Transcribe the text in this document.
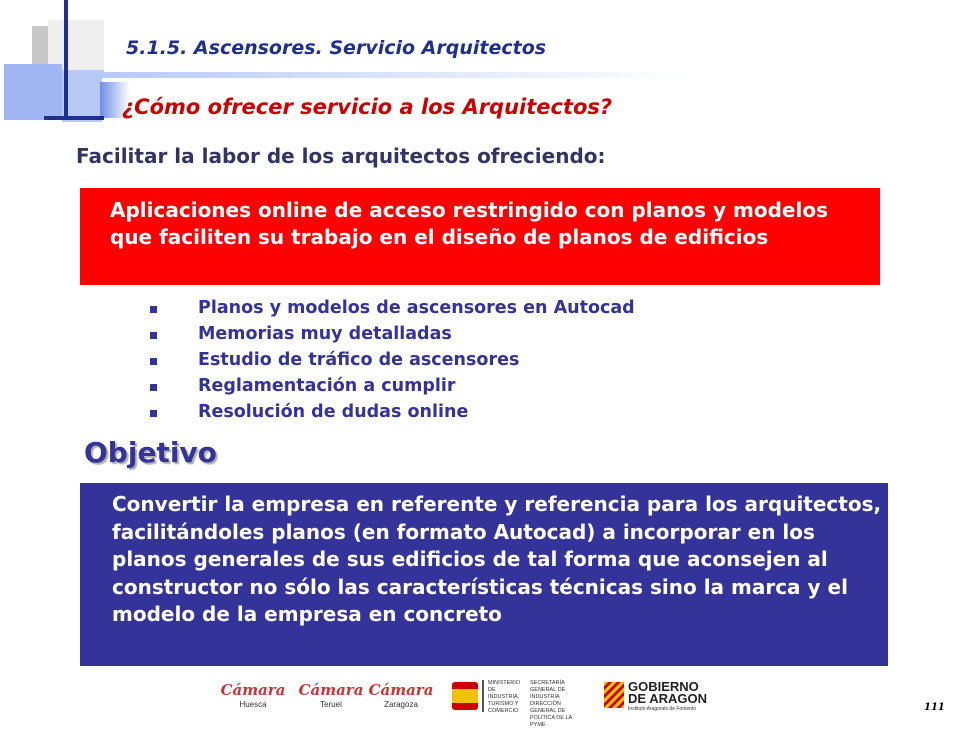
5.1.5. Ascensores. Servicio Arquitectos
¿Cómo ofrecer servicio a los Arquitectos?
Facilitar la labor de los arquitectos ofreciendo:
Aplicaciones online de acceso restringido con planos y modelos que faciliten su trabajo en el diseño de planos de edificios
Planos y modelos de ascensores en Autocad
Memorias muy detalladas
Estudio de tráfico de ascensores
Reglamentación a cumplir
Resolución de dudas online
Objetivo
Convertir la empresa en referente y referencia para los arquitectos, facilitándoles planos (en formato Autocad) a incorporar en los planos generales de sus edificios de tal forma que aconsejen al constructor no sólo las características técnicas sino la marca y el modelo de la empresa en concreto
Cámara
Huesca
Cámara
Teruel
Cámara
Zaragoza
MINISTERIO DE INDUSTRIA, TURISMO Y COMERCIO
SECRETARÍA GENERAL DE INDUSTRIA DIRECCIÓN GENERAL DE POLÍTICA DE LA PYME
GOBIERNO
DE ARAGON
Instituto Aragonés de Fomento	111
